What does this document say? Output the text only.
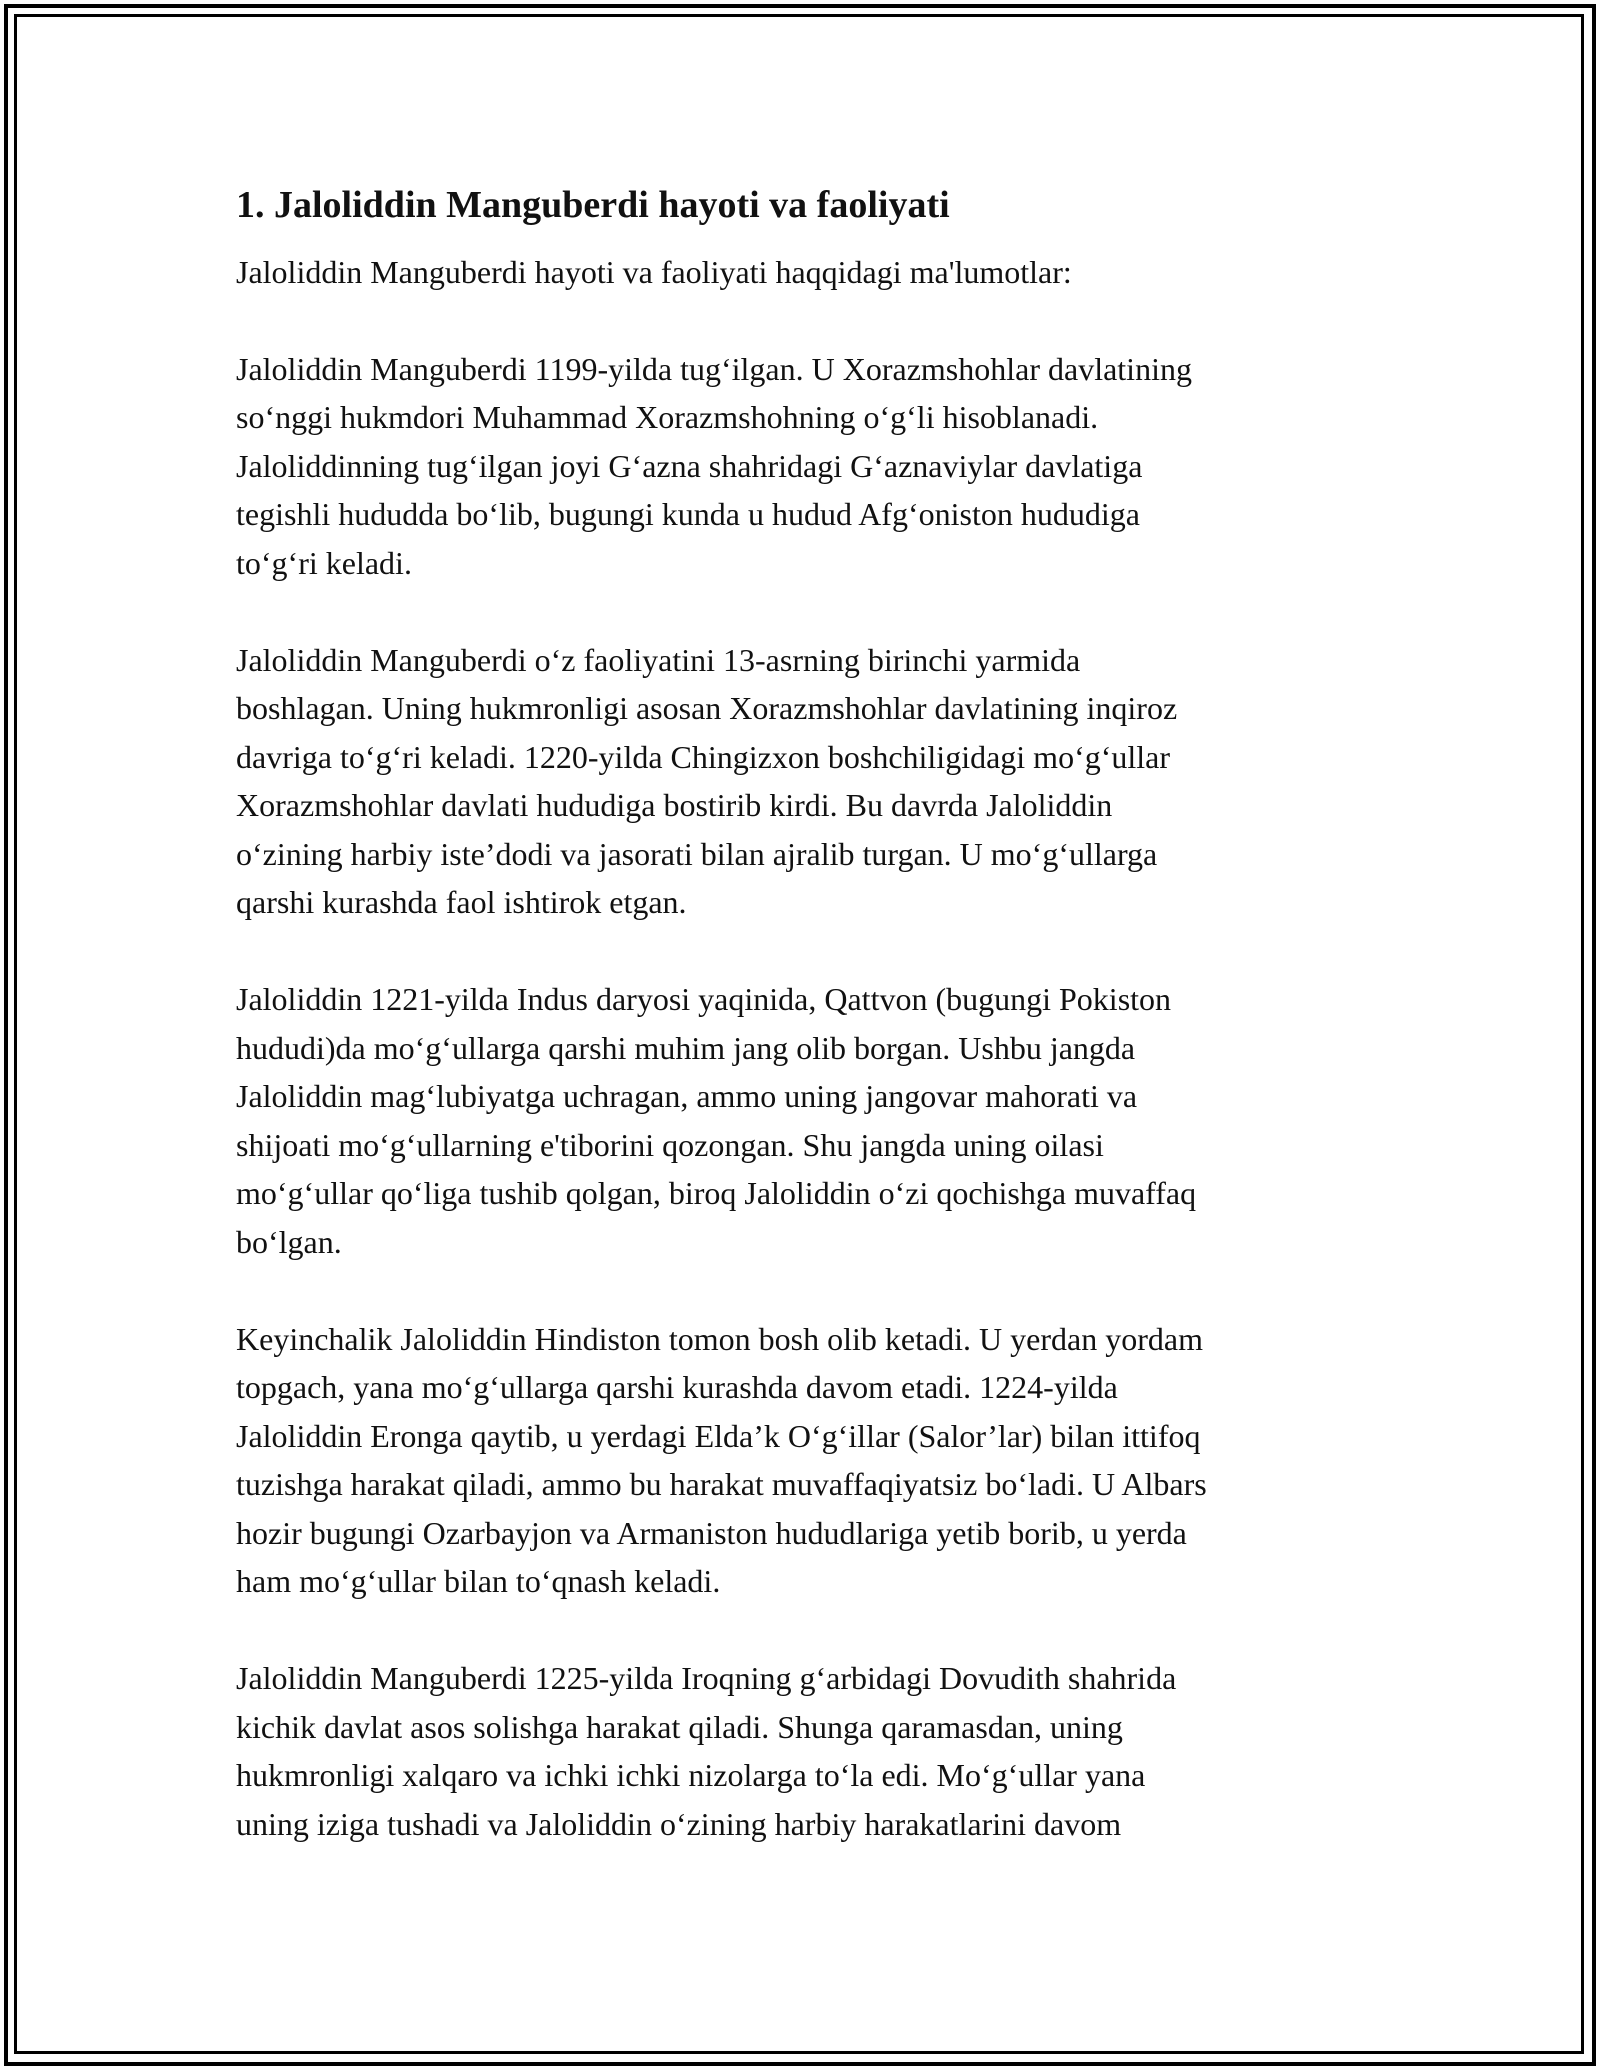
1. Jaloliddin Manguberdi hayoti va faoliyati
Jaloliddin Manguberdi hayoti va faoliyati haqqidagi ma'lumotlar:
Jaloliddin Manguberdi 1199-yilda tug‘ilgan. U Xorazmshohlar davlatining
so‘nggi hukmdori Muhammad Xorazmshohning o‘g‘li hisoblanadi.
Jaloliddinning tug‘ilgan joyi G‘azna shahridagi G‘aznaviylar davlatiga
tegishli hududda bo‘lib, bugungi kunda u hudud Afg‘oniston hududiga
to‘g‘ri keladi.
Jaloliddin Manguberdi o‘z faoliyatini 13-asrning birinchi yarmida
boshlagan. Uning hukmronligi asosan Xorazmshohlar davlatining inqiroz
davriga to‘g‘ri keladi. 1220-yilda Chingizxon boshchiligidagi mo‘g‘ullar
Xorazmshohlar davlati hududiga bostirib kirdi. Bu davrda Jaloliddin
o‘zining harbiy iste’dodi va jasorati bilan ajralib turgan. U mo‘g‘ullarga
qarshi kurashda faol ishtirok etgan.
Jaloliddin 1221-yilda Indus daryosi yaqinida, Qattvon (bugungi Pokiston
hududi)da mo‘g‘ullarga qarshi muhim jang olib borgan. Ushbu jangda
Jaloliddin mag‘lubiyatga uchragan, ammo uning jangovar mahorati va
shijoati mo‘g‘ullarning e'tiborini qozongan. Shu jangda uning oilasi
mo‘g‘ullar qo‘liga tushib qolgan, biroq Jaloliddin o‘zi qochishga muvaffaq
bo‘lgan.
Keyinchalik Jaloliddin Hindiston tomon bosh olib ketadi. U yerdan yordam
topgach, yana mo‘g‘ullarga qarshi kurashda davom etadi. 1224-yilda
Jaloliddin Eronga qaytib, u yerdagi Elda’k O‘g‘illar (Salor’lar) bilan ittifoq
tuzishga harakat qiladi, ammo bu harakat muvaffaqiyatsiz bo‘ladi. U Albars
hozir bugungi Ozarbayjon va Armaniston hududlariga yetib borib, u yerda
ham mo‘g‘ullar bilan to‘qnash keladi.
Jaloliddin Manguberdi 1225-yilda Iroqning g‘arbidagi Dovudith shahrida
kichik davlat asos solishga harakat qiladi. Shunga qaramasdan, uning
hukmronligi xalqaro va ichki ichki nizolarga to‘la edi. Mo‘g‘ullar yana
uning iziga tushadi va Jaloliddin o‘zining harbiy harakatlarini davom
